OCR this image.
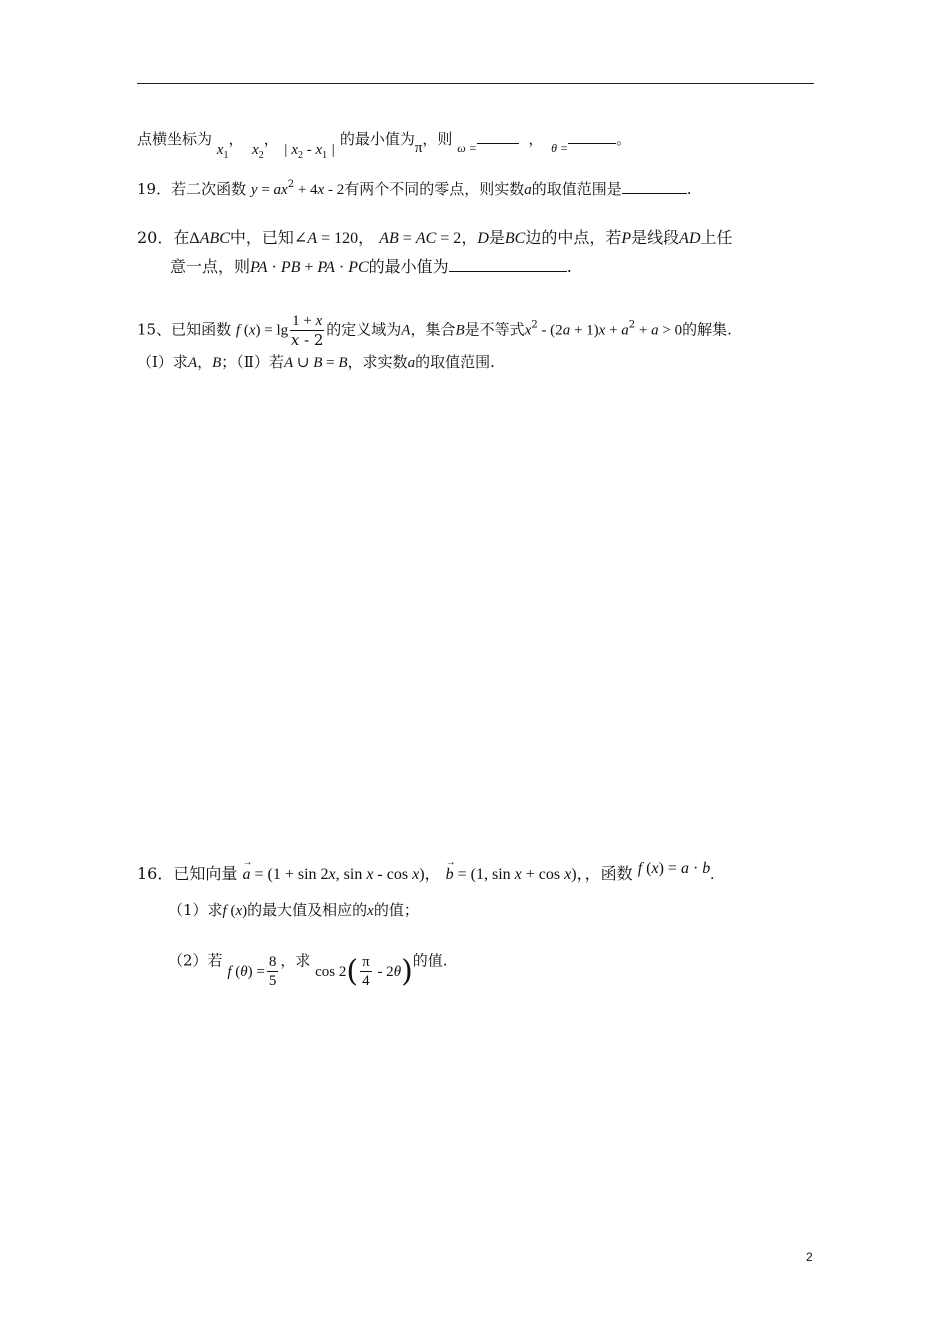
点横坐标为 $x_1$，  $x_2$， | $x_2 - x_1$ | 的最小值为π，则 $_{\omega =}$	，  $_{\theta =}$	。
19．若二次函数 $y = ax^2 + 4x - 2$有两个不同的零点，则实数a的取值范围是	.
20．在ΔABC中，已知∠A = 120， AB = AC = 2，D是BC边的中点，若P是线段AD上任
意一点，则PA · PB + PA · PC的最小值为	.
15、已知函数 f $(x) = \lg \frac{1 + x}{x - 2}$ 的定义域为A，集合B是不等式$x^2 - (2a + 1)x + a^2 + a > 0$的解集.
（Ⅰ）求A，B；（Ⅱ）若A ∪ B = B，求实数a的取值范围.
16．已知向量 → a = (1 + sin 2x, sin x - cos x)， → b = (1, sin x + cos x)，，函数 f (x) = a · b.
（1）求f (x)的最大值及相应的x的值；
（2）若 f $(\theta) = \frac{8}{5}$ ，求 $\cos 2( \frac{\pi}{4} - 2\theta)$的值.
2
